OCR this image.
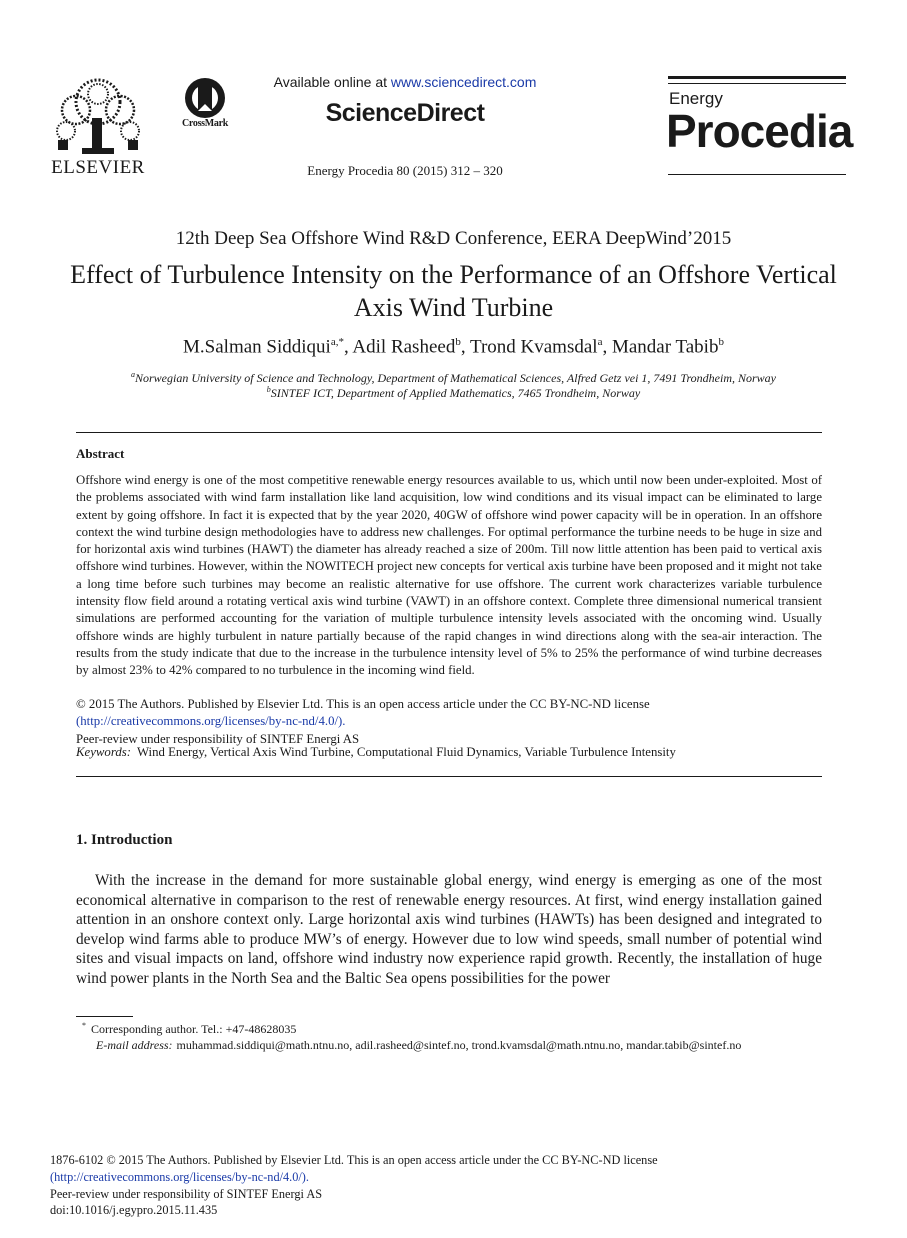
ELSEVIER
CrossMark
Available online at www.sciencedirect.com
ScienceDirect
Energy Procedia 80 (2015) 312 – 320
Energy
Procedia
12th Deep Sea Offshore Wind R&D Conference, EERA DeepWind’2015
Effect of Turbulence Intensity on the Performance of an Offshore Vertical Axis Wind Turbine
M.Salman Siddiqui$^{a,*}$, Adil Rasheed$^b$, Trond Kvamsdal$^a$, Mandar Tabib$^b$
$^a$Norwegian University of Science and Technology, Department of Mathematical Sciences, Alfred Getz vei 1, 7491 Trondheim, Norway
$^b$SINTEF ICT, Department of Applied Mathematics, 7465 Trondheim, Norway
Abstract
Offshore wind energy is one of the most competitive renewable energy resources available to us, which until now been under-exploited. Most of the problems associated with wind farm installation like land acquisition, low wind conditions and its visual impact can be eliminated to large extent by going offshore. In fact it is expected that by the year 2020, 40GW of offshore wind power capacity will be in operation. In an offshore context the wind turbine design methodologies have to address new challenges. For optimal performance the turbine needs to be huge in size and for horizontal axis wind turbines (HAWT) the diameter has already reached a size of 200m. Till now little attention has been paid to vertical axis offshore wind turbines. However, within the NOWITECH project new concepts for vertical axis turbine have been proposed and it might not take a long time before such turbines may become an realistic alternative for use offshore. The current work characterizes variable turbulence intensity flow field around a rotating vertical axis wind turbine (VAWT) in an offshore context. Complete three dimensional numerical transient simulations are performed accounting for the variation of multiple turbulence intensity levels associated with the oncoming wind. Usually offshore winds are highly turbulent in nature partially because of the rapid changes in wind directions along with the sea-air interaction. The results from the study indicate that due to the increase in the turbulence intensity level of 5% to 25% the performance of wind turbine decreases by almost 23% to 42% compared to no turbulence in the incoming wind field.
© 2015 The Authors. Published by Elsevier Ltd. This is an open access article under the CC BY-NC-ND license
(http://creativecommons.org/licenses/by-nc-nd/4.0/).
Peer-review under responsibility of SINTEF Energi AS
Keywords: Wind Energy, Vertical Axis Wind Turbine, Computational Fluid Dynamics, Variable Turbulence Intensity
1. Introduction
With the increase in the demand for more sustainable global energy, wind energy is emerging as one of the most economical alternative in comparison to the rest of renewable energy resources. At first, wind energy installation gained attention in an onshore context only. Large horizontal axis wind turbines (HAWTs) has been designed and integrated to develop wind farms able to produce MW’s of energy. However due to low wind speeds, small number of potential wind sites and visual impacts on land, offshore wind industry now experience rapid growth. Recently, the installation of huge wind power plants in the North Sea and the Baltic Sea opens possibilities for the power
* Corresponding author. Tel.: +47-48628035
E-mail address: muhammad.siddiqui@math.ntnu.no, adil.rasheed@sintef.no, trond.kvamsdal@math.ntnu.no, mandar.tabib@sintef.no
1876-6102 © 2015 The Authors. Published by Elsevier Ltd. This is an open access article under the CC BY-NC-ND license
(http://creativecommons.org/licenses/by-nc-nd/4.0/).
Peer-review under responsibility of SINTEF Energi AS
doi:10.1016/j.egypro.2015.11.435
